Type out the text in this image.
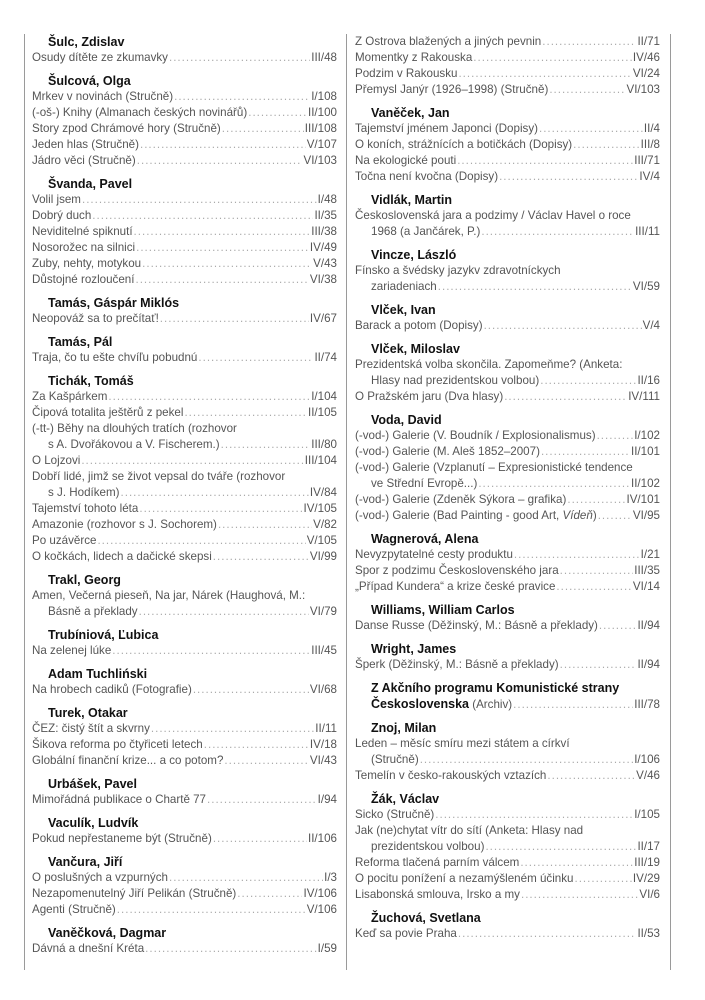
Šulc, Zdislav
Osudy dítěte ze zkumavky .....	III/48
Šulcová, Olga
Mrkev v novinách (Stručně) .....	I/108
(-oš-) Knihy (Almanach českých novinářů) .....	II/100
Story zpod Chrámové hory (Stručně) .....	III/108
Jeden hlas (Stručně) .....	V/107
Jádro věci (Stručně) .....	VI/103
Švanda, Pavel
Volil jsem .....	I/48
Dobrý duch .....	II/35
Neviditelné spiknutí .....	III/38
Nosorožec na silnici .....	IV/49
Zuby, nehty, motykou .....	V/43
Důstojné rozloučení .....	VI/38
Tamás, Gáspár Miklós
Neopováž sa to prečítať! .....	IV/67
Tamás, Pál
Traja, čo tu ešte chvíľu pobudnú .....	II/74
Tichák, Tomáš
Za Kašpárkem .....	I/104
Čipová totalita ještěrů z pekel .....	II/105
(-tt-) Běhy na dlouhých tratích (rozhovor
s A. Dvořákovou a V. Fischerem.) .....	III/80
O Lojzovi .....	III/104
Dobří lidé, jimž se život vepsal do tváře (rozhovor
s J. Hodíkem) .....	IV/84
Tajemství tohoto léta .....	IV/105
Amazonie (rozhovor s J. Sochorem) .....	V/82
Po uzávěrce .....	V/105
O kočkách, lidech a dačické skepsi .....	VI/99
Trakl, Georg
Amen, Večerná pieseň, Na jar, Nárek (Haughová, M.:
Básně a překlady .....	VI/79
Trubíniová, Ľubica
Na zelenej lúke .....	III/45
Adam Tuchliński
Na hrobech cadiků (Fotografie) .....	VI/68
Turek, Otakar
ČEZ: čistý štít a skvrny .....	II/11
Šikova reforma po čtyřiceti letech .....	IV/18
Globální finanční krize... a co potom? .....	VI/43
Urbášek, Pavel
Mimořádná publikace o Chartě 77 .....	I/94
Vaculík, Ludvík
Pokud nepřestaneme být (Stručně) .....	II/106
Vančura, Jiří
O poslušných a vzpurných .....	I/3
Nezapomenutelný Jiří Pelikán (Stručně) .....	IV/106
Agenti (Stručně) .....	V/106
Vaněčková, Dagmar
Dávná a dnešní Kréta .....	I/59
Z Ostrova blažených a jiných pevnin .....	II/71
Momentky z Rakouska .....	IV/46
Podzim v Rakousku .....	VI/24
Přemysl Janýr (1926–1998) (Stručně) .....	VI/103
Vaněček, Jan
Tajemství jménem Japonci (Dopisy) .....	II/4
O koních, strážnících a botičkách (Dopisy) .....	III/8
Na ekologické pouti .....	III/71
Točna není kvočna (Dopisy) .....	IV/4
Vidlák, Martin
Československá jara a podzimy / Václav Havel o roce
1968 (a Jančárek, P.) .....	III/11
Vincze, László
Fínsko a švédsky jazykv zdravotníckych
zariadeniach .....	VI/59
Vlček, Ivan
Barack a potom (Dopisy) .....	V/4
Vlček, Miloslav
Prezidentská volba skončila. Zapomeňme? (Anketa:
Hlasy nad prezidentskou volbou) .....	II/16
O Pražském jaru (Dva hlasy) .....	IV/111
Voda, David
(-vod-) Galerie (V. Boudník / Explosionalismus) .....	I/102
(-vod-) Galerie (M. Aleš 1852–2007) .....	II/101
(-vod-) Galerie (Vzplanutí – Expresionistické tendence
ve Střední Evropě...) .....	II/102
(-vod-) Galerie (Zdeněk Sýkora – grafika) .....	IV/101
(-vod-) Galerie (Bad Painting - good Art, Vídeň) .....	VI/95
Wagnerová, Alena
Nevyzpytatelné cesty produktu .....	I/21
Spor z podzimu Československého jara .....	III/35
„Případ Kundera“ a krize české pravice .....	VI/14
Williams, William Carlos
Danse Russe (Děžinský, M.: Básně a překlady) .....	II/94
Wright, James
Šperk (Děžinský, M.: Básně a překlady) .....	II/94
Z Akčního programu Komunistické strany
Československa (Archiv) .....	III/78
Znoj, Milan
Leden – měsíc smíru mezi státem a církví
(Stručně) .....	I/106
Temelín v česko-rakouských vztazích .....	V/46
Žák, Václav
Sicko (Stručně) .....	I/105
Jak (ne)chytat vítr do sítí (Anketa: Hlasy nad
prezidentskou volbou) .....	II/17
Reforma tlačená parním válcem .....	III/19
O pocitu ponížení a nezamýšleném účinku .....	IV/29
Lisabonská smlouva, Irsko a my .....	VI/6
Žuchová, Svetlana
Keď sa povie Praha .....	II/53
